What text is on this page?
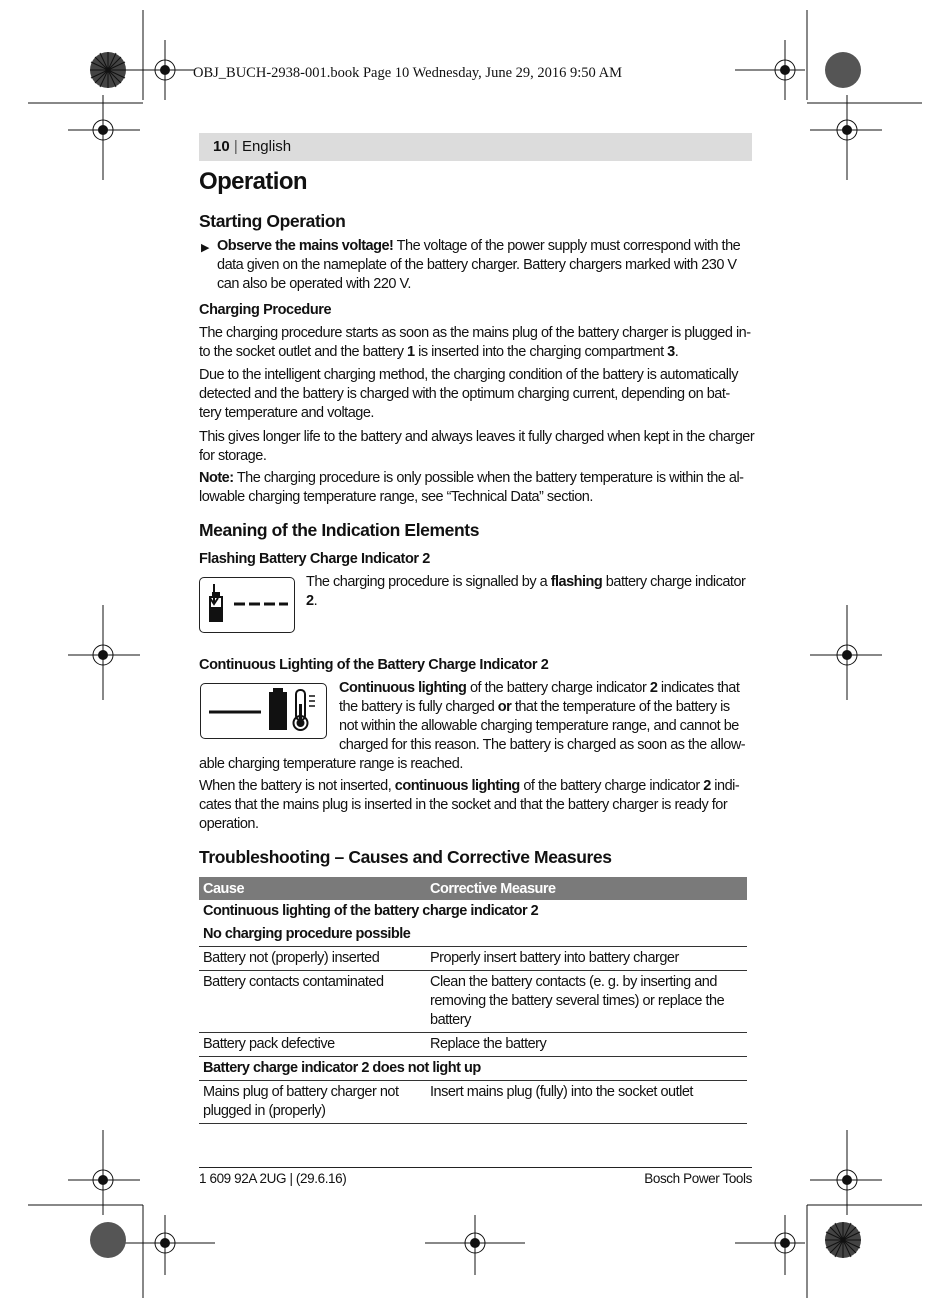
OBJ_BUCH-2938-001.book Page 10 Wednesday, June 29, 2016 9:50 AM
10 | English
Operation
Starting Operation
▶ Observe the mains voltage! The voltage of the power supply must correspond with the
data given on the nameplate of the battery charger. Battery chargers marked with 230 V
can also be operated with 220 V.
Charging Procedure
The charging procedure starts as soon as the mains plug of the battery charger is plugged in-
to the socket outlet and the battery 1 is inserted into the charging compartment 3.
Due to the intelligent charging method, the charging condition of the battery is automatically
detected and the battery is charged with the optimum charging current, depending on bat-
tery temperature and voltage.
This gives longer life to the battery and always leaves it fully charged when kept in the charger
for storage.
Note: The charging procedure is only possible when the battery temperature is within the al-
lowable charging temperature range, see “Technical Data” section.
Meaning of the Indication Elements
Flashing Battery Charge Indicator 2
The charging procedure is signalled by a flashing battery charge indicator
2.
Continuous Lighting of the Battery Charge Indicator 2
Continuous lighting of the battery charge indicator 2 indicates that
the battery is fully charged or that the temperature of the battery is
not within the allowable charging temperature range, and cannot be
charged for this reason. The battery is charged as soon as the allow-
able charging temperature range is reached.
When the battery is not inserted, continuous lighting of the battery charge indicator 2 indi-
cates that the mains plug is inserted in the socket and that the battery charger is ready for
operation.
Troubleshooting – Causes and Corrective Measures
Cause	Corrective Measure
Continuous lighting of the battery charge indicator 2	
No charging procedure possible	
Battery not (properly) inserted	Properly insert battery into battery charger
Battery contacts contaminated	Clean the battery contacts (e. g. by inserting and removing the battery several times) or replace the battery
Battery pack defective	Replace the battery
Battery charge indicator 2 does not light up	
Mains plug of battery charger not plugged in (properly)	Insert mains plug (fully) into the socket outlet
1 609 92A 2UG | (29.6.16)	Bosch Power Tools
